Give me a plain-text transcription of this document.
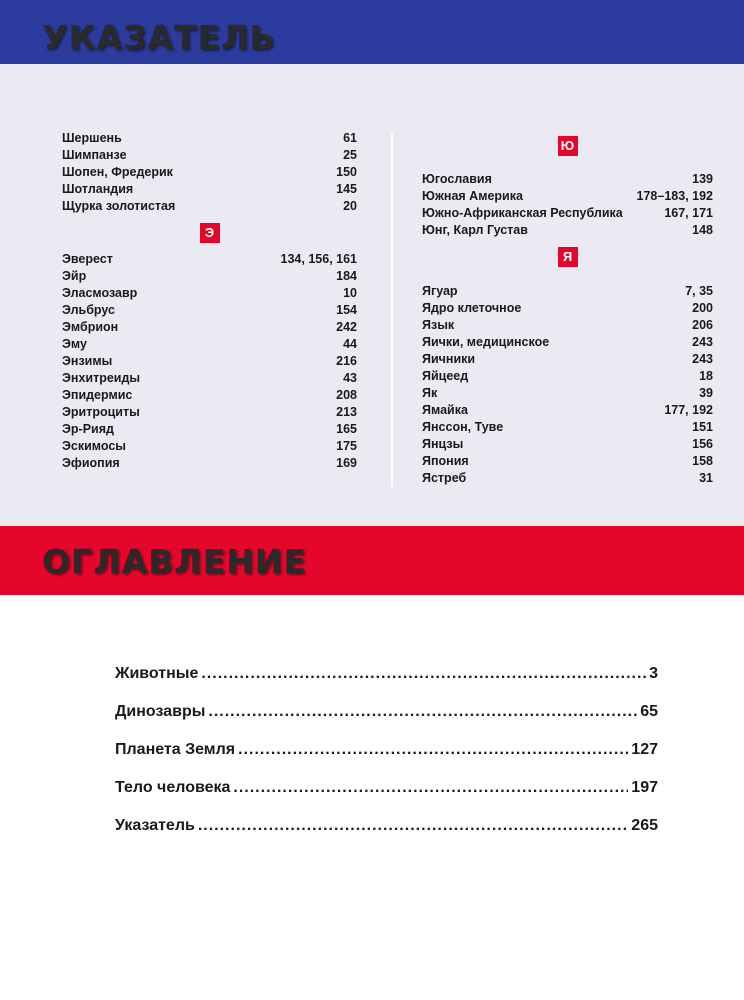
УКАЗАТЕЛЬ
Шершень	61
Шимпанзе	25
Шопен, Фредерик	150
Шотландия	145
Щурка золотистая	20
Э
Эверест	134, 156, 161
Эйр	184
Эласмозавр	10
Эльбрус	154
Эмбрион	242
Эму	44
Энзимы	216
Энхитреиды	43
Эпидермис	208
Эритроциты	213
Эр-Рияд	165
Эскимосы	175
Эфиопия	169
Ю
Югославия	139
Южная Америка	178–183, 192
Южно-Африканская Республика	167, 171
Юнг, Карл Густав	148
Я
Ягуар	7, 35
Ядро клеточное	200
Язык	206
Яички, медицинское	243
Яичники	243
Яйцеед	18
Як	39
Ямайка	177, 192
Янссон, Туве	151
Янцзы	156
Япония	158
Ястреб	31
ОГЛАВЛЕНИЕ
Животные .....	3
Динозавры .....	65
Планета Земля .....	127
Тело человека .....	197
Указатель .....	265
